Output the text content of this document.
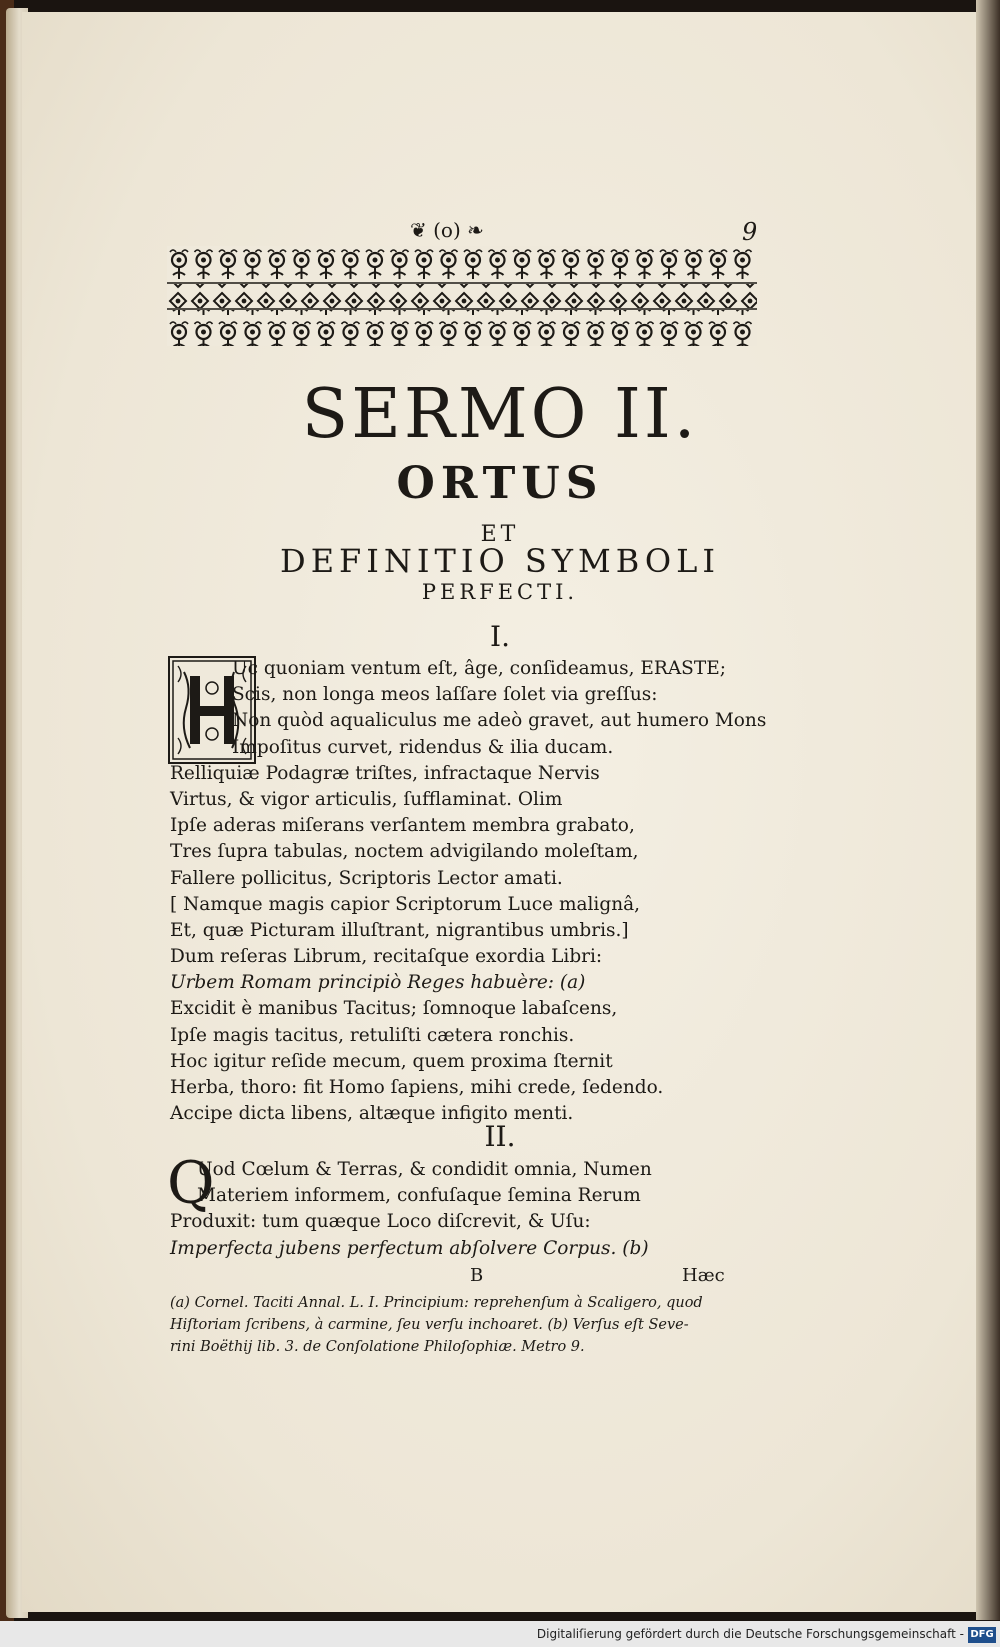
❦ (o) ❧	9
SERMO II.
ORTUS
ET
DEFINITIO SYMBOLI
PERFECTI.
I.
Uc quoniam ventum eſt, âge, conſideamus, ERASTE;
Scis, non longa meos laſſare ſolet via greſſus:
Non quòd aqualiculus me adeò gravet, aut humero Mons
Impoſitus curvet, ridendus & ilia ducam.
Relliquiæ Podagræ triſtes, infractaque Nervis
Virtus, & vigor articulis, ſufflaminat. Olim
Ipſe aderas miſerans verſantem membra grabato,
Tres ſupra tabulas, noctem advigilando moleſtam,
Fallere pollicitus, Scriptoris Lector amati.
[ Namque magis capior Scriptorum Luce malignâ,
Et, quæ Picturam illuſtrant, nigrantibus umbris.]
Dum reſeras Librum, recitaſque exordia Libri:
Urbem Romam principiò Reges habuère: (a)
Excidit è manibus Tacitus; ſomnoque labaſcens,
Ipſe magis tacitus, retuliſti cætera ronchis.
Hoc igitur reſide mecum, quem proxima ſternit
Herba, thoro: fit Homo ſapiens, mihi crede, ſedendo.
Accipe dicta libens, altæque infigito menti.
II.
Q
Uod Cœlum & Terras, & condidit omnia, Numen
Materiem informem, confuſaque ſemina Rerum
Produxit: tum quæque Loco diſcrevit, & Uſu:
Imperfecta jubens perfectum abſolvere Corpus. (b)
B	Hæc
(a) Cornel. Taciti Annal. L. I. Principium: reprehenſum à Scaligero, quod
Hiſtoriam ſcribens, à carmine, ſeu verſu inchoaret. (b) Verſus eſt Seve-
rini Boëthij lib. 3. de Conſolatione Philoſophiæ. Metro 9.
Digitaliſierung gefördert durch die Deutsche Forschungsgemeinschaft - DFG
